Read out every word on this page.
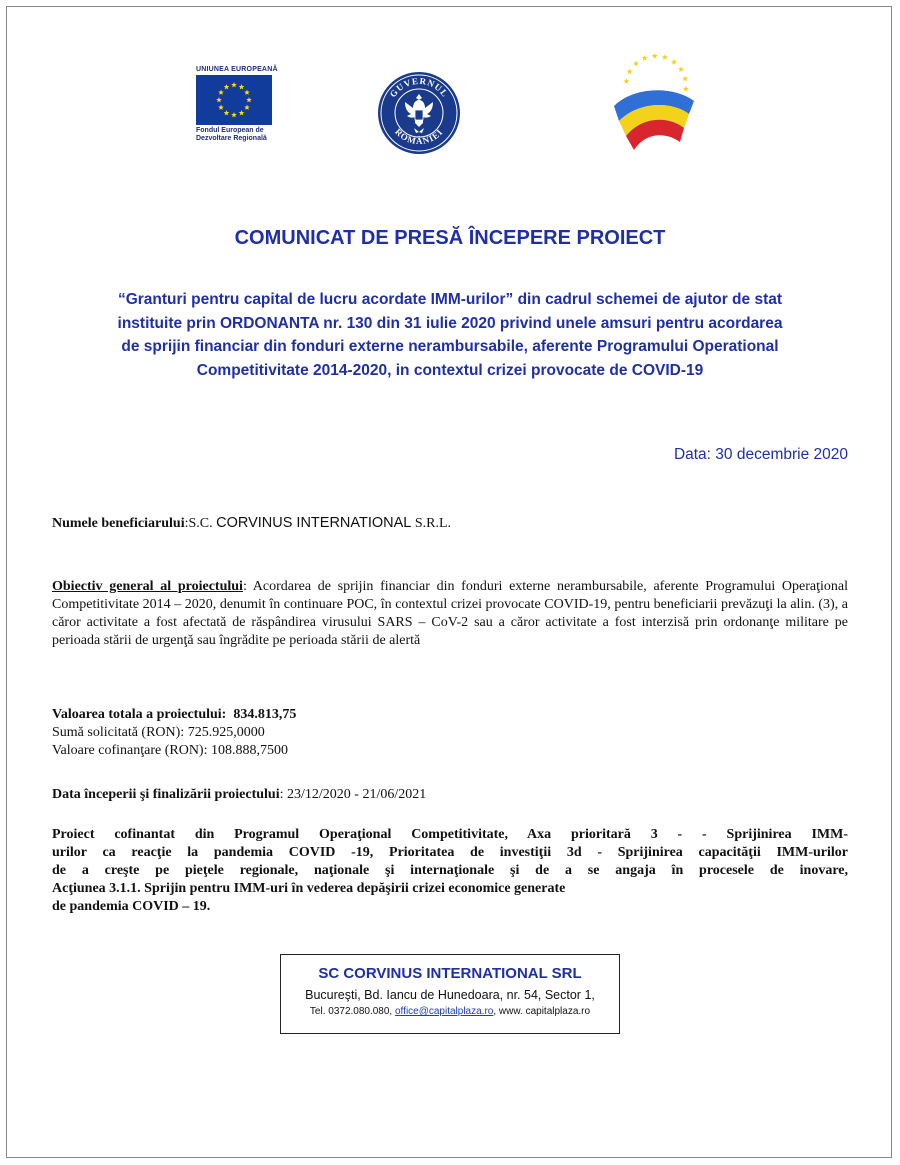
UNIUNEA EUROPEANĂ
Fondul European de
Dezvoltare Regională
GUVERNUL
ROMÂNIEI
COMUNICAT DE PRESĂ ÎNCEPERE PROIECT
“Granturi pentru capital de lucru acordate IMM-urilor” din cadrul schemei de ajutor de stat
instituite prin ORDONANTA nr. 130 din 31 iulie 2020 privind unele amsuri pentru acordarea
de sprijin financiar din fonduri externe nerambursabile, aferente Programului Operational
Competitivitate 2014-2020, in contextul crizei provocate de COVID-19
Data: 30 decembrie 2020
Numele beneficiarului:S.C. CORVINUS INTERNATIONAL S.R.L.
Obiectiv general al proiectului: Acordarea de sprijin financiar din fonduri externe nerambursabile, aferente Programului Operaţional Competitivitate 2014 – 2020, denumit în continuare POC, în contextul crizei provocate COVID-19, pentru beneficiarii prevăzuţi la alin. (3), a căror activitate a fost afectată de răspândirea virusului SARS – CoV-2 sau a căror activitate a fost interzisă prin ordonanţe militare pe perioada stării de urgenţă sau îngrădite pe perioada stării de alertă
Valoarea totala a proiectului: 834.813,75
Sumă solicitată (RON): 725.925,0000
Valoare cofinanţare (RON): 108.888,7500
Data începerii şi finalizării proiectului: 23/12/2020 - 21/06/2021
Proiect cofinantat din Programul Operaţional Competitivitate, Axa prioritară 3 - - Sprijinirea IMM-
urilor ca reacţie la pandemia COVID -19, Prioritatea de investiţii 3d - Sprijinirea capacităţii IMM-urilor
de a creşte pe pieţele regionale, naţionale şi internaţionale şi de a se angaja în procesele de inovare,
Acţiunea 3.1.1. Sprijin pentru IMM-uri în vederea depăşirii crizei economice generate
de pandemia COVID – 19.
SC CORVINUS INTERNATIONAL SRL
Bucureşti, Bd. Iancu de Hunedoara, nr. 54, Sector 1,
Tel. 0372.080.080, office@capitalplaza.ro, www. capitalplaza.ro
